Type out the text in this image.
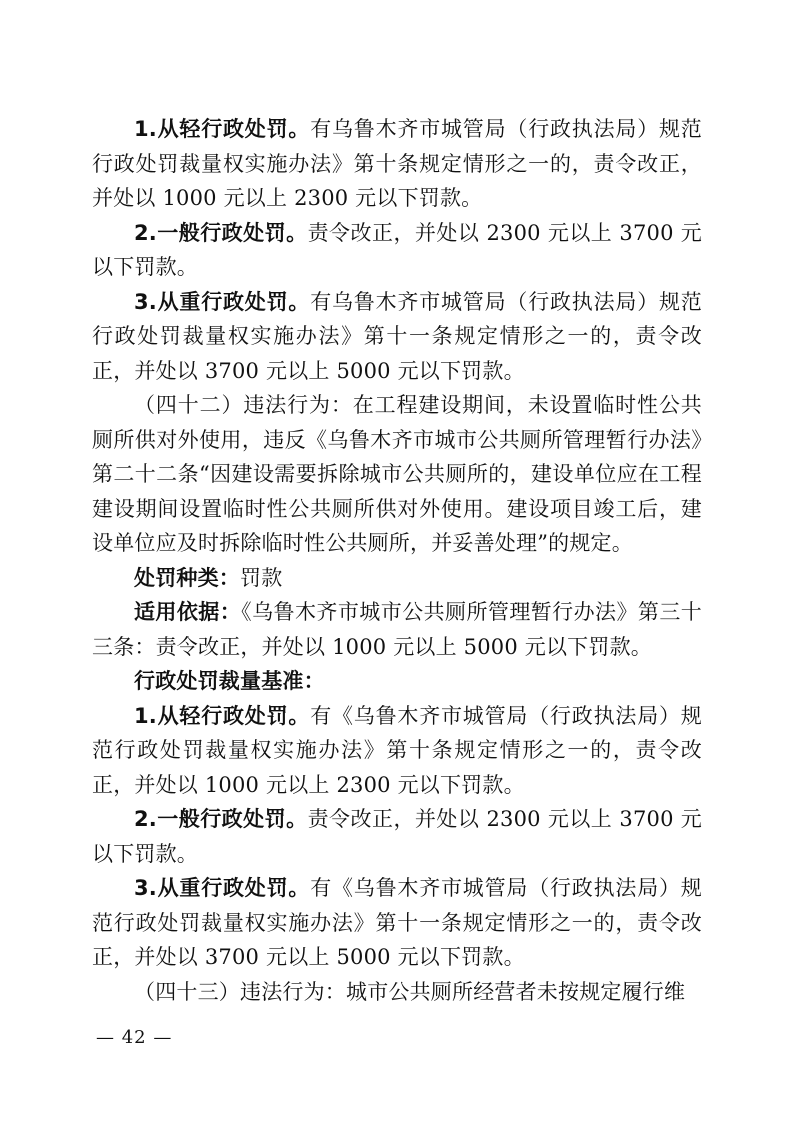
1.从轻行政处罚。有乌鲁木齐市城管局（行政执法局）规范行政处罚裁量权实施办法》第十条规定情形之一的，责令改正，并处以 1000 元以上 2300 元以下罚款。

2.一般行政处罚。责令改正，并处以 2300 元以上 3700 元以下罚款。

3.从重行政处罚。有乌鲁木齐市城管局（行政执法局）规范行政处罚裁量权实施办法》第十一条规定情形之一的，责令改正，并处以 3700 元以上 5000 元以下罚款。

（四十二）违法行为：在工程建设期间，未设置临时性公共厕所供对外使用，违反《乌鲁木齐市城市公共厕所管理暂行办法》第二十二条“因建设需要拆除城市公共厕所的，建设单位应在工程建设期间设置临时性公共厕所供对外使用。建设项目竣工后，建设单位应及时拆除临时性公共厕所，并妥善处理”的规定。

处罚种类：罚款

适用依据：《乌鲁木齐市城市公共厕所管理暂行办法》第三十三条：责令改正，并处以 1000 元以上 5000 元以下罚款。

行政处罚裁量基准：

1.从轻行政处罚。有《乌鲁木齐市城管局（行政执法局）规范行政处罚裁量权实施办法》第十条规定情形之一的，责令改正，并处以 1000 元以上 2300 元以下罚款。

2.一般行政处罚。责令改正，并处以 2300 元以上 3700 元以下罚款。

3.从重行政处罚。有《乌鲁木齐市城管局（行政执法局）规范行政处罚裁量权实施办法》第十一条规定情形之一的，责令改正，并处以 3700 元以上 5000 元以下罚款。

（四十三）违法行为：城市公共厕所经营者未按规定履行维

— 42 —
